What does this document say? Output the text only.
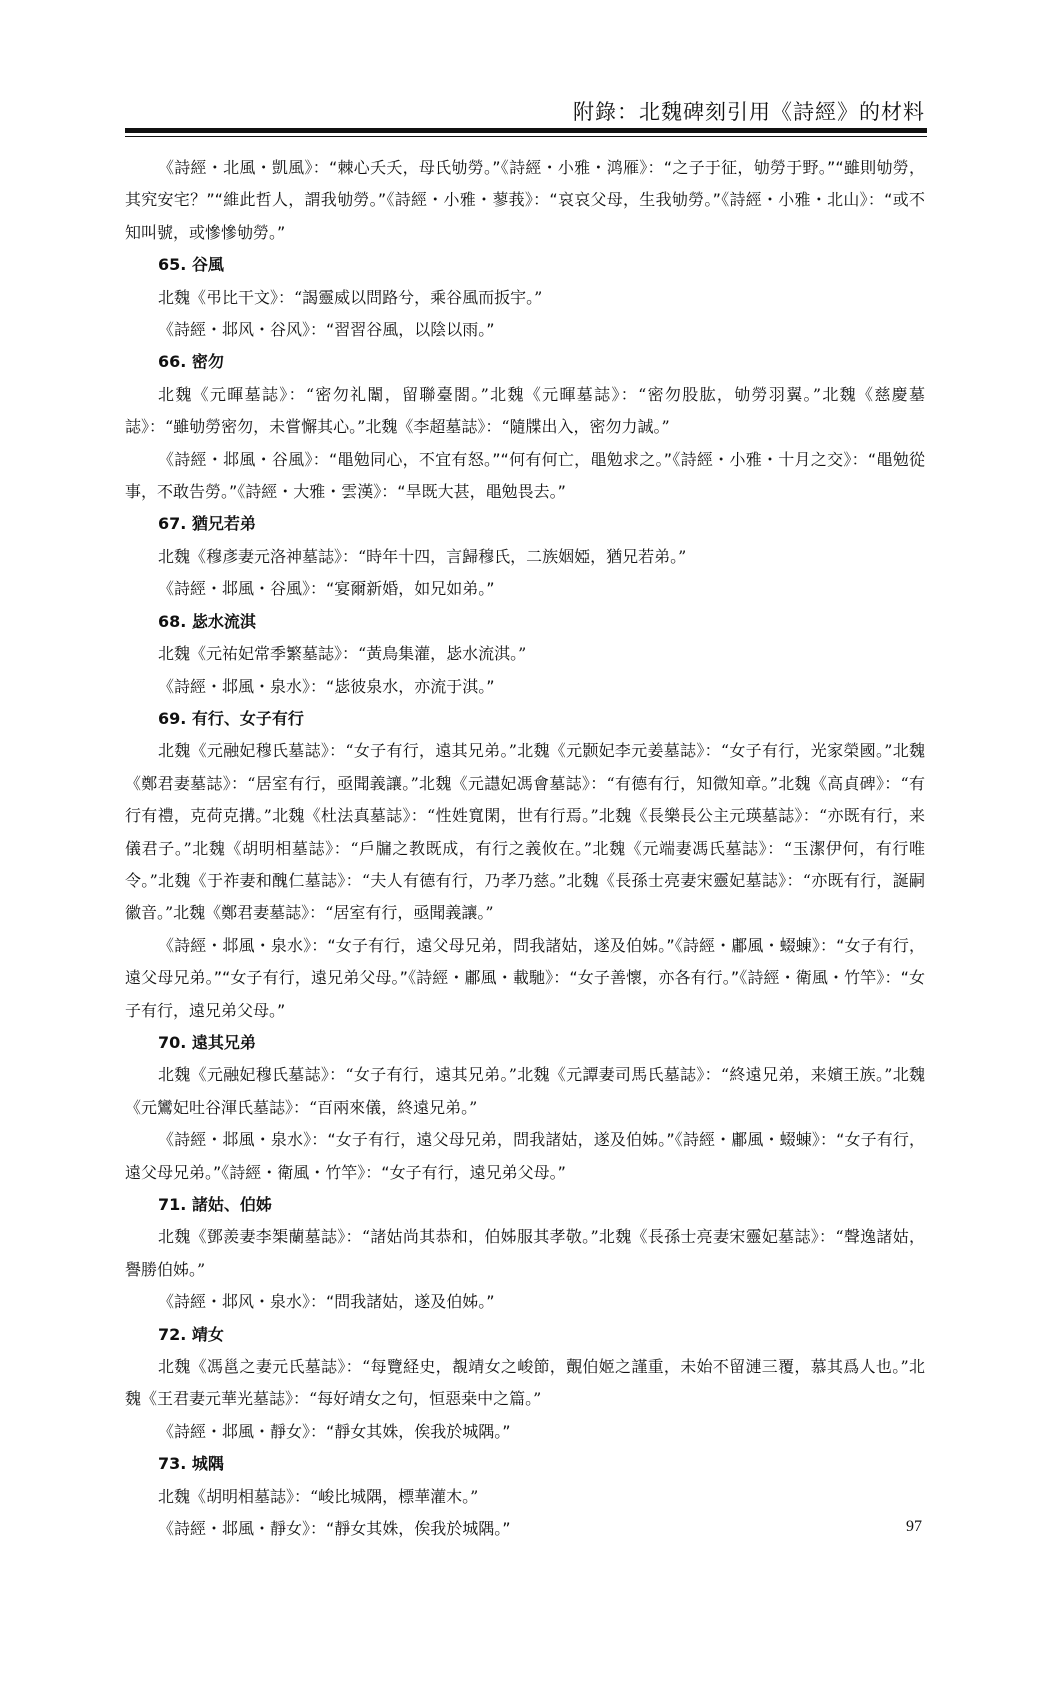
附錄：北魏碑刻引用《詩經》的材料

《詩經・北風・凱風》：“棘心夭夭，母氏劬勞。”《詩經・小雅・鸿雁》：“之子于征，劬勞于野。”“雖則劬勞，其究安宅？”“維此哲人，謂我劬勞。”《詩經・小雅・蓼莪》：“哀哀父母，生我劬勞。”《詩經・小雅・北山》：“或不知叫號，或慘慘劬勞。”

65. 谷風

北魏《弔比干文》：“謁靈威以問路兮，乘谷風而扳宇。”

《詩經・邶风・谷风》：“習習谷風，以陰以雨。”

66. 密勿

北魏《元暉墓誌》：“密勿礼闈，留聯臺閤。”北魏《元暉墓誌》：“密勿股肱，劬勞羽翼。”北魏《慈慶墓誌》：“雖劬勞密勿，未嘗懈其心。”北魏《李超墓誌》：“隨牒出入，密勿力誠。”

《詩經・邶風・谷風》：“黽勉同心，不宜有怒。”“何有何亡，黽勉求之。”《詩經・小雅・十月之交》：“黽勉從事，不敢告勞。”《詩經・大雅・雲漢》：“旱既大甚，黽勉畏去。”

67. 猶兄若弟

北魏《穆彥妻元洛神墓誌》：“時年十四，言歸穆氏，二族姻婭，猶兄若弟。”

《詩經・邶風・谷風》：“宴爾新婚，如兄如弟。”

68. 毖水流淇

北魏《元祐妃常季繁墓誌》：“黃鳥集灌，毖水流淇。”

《詩經・邶風・泉水》：“毖彼泉水，亦流于淇。”

69. 有行、女子有行

北魏《元融妃穆氏墓誌》：“女子有行，遠其兄弟。”北魏《元颢妃李元姜墓誌》：“女子有行，光家榮國。”北魏《鄭君妻墓誌》：“居室有行，亟聞義讓。”北魏《元譿妃馮會墓誌》：“有德有行，知微知章。”北魏《高貞碑》：“有行有禮，克荷克搆。”北魏《杜法真墓誌》：“性姓寬閑，世有行焉。”北魏《長樂長公主元瑛墓誌》：“亦既有行，来儀君子。”北魏《胡明相墓誌》：“戶牖之教既成，有行之義攸在。”北魏《元端妻馮氏墓誌》：“玉潔伊何，有行唯令。”北魏《于祚妻和醜仁墓誌》：“夫人有德有行，乃孝乃慈。”北魏《長孫士亮妻宋靈妃墓誌》：“亦既有行，誕嗣徽音。”北魏《鄭君妻墓誌》：“居室有行，亟聞義讓。”

《詩經・邶風・泉水》：“女子有行，遠父母兄弟，問我諸姑，遂及伯姊。”《詩經・鄘風・蝃蝀》：“女子有行，遠父母兄弟。”“女子有行，遠兄弟父母。”《詩經・鄘風・載馳》：“女子善懷，亦各有行。”《詩經・衛風・竹竿》：“女子有行，遠兄弟父母。”

70. 遠其兄弟

北魏《元融妃穆氏墓誌》：“女子有行，遠其兄弟。”北魏《元譚妻司馬氏墓誌》：“終遠兄弟，来嬪王族。”北魏《元鸞妃吐谷渾氏墓誌》：“百兩來儀，終遠兄弟。”

《詩經・邶風・泉水》：“女子有行，遠父母兄弟，問我諸姑，遂及伯姊。”《詩經・鄘風・蝃蝀》：“女子有行，遠父母兄弟。”《詩經・衛風・竹竿》：“女子有行，遠兄弟父母。”

71. 諸姑、伯姊

北魏《鄧羨妻李榘蘭墓誌》：“諸姑尚其恭和，伯姊服其孝敬。”北魏《長孫士亮妻宋靈妃墓誌》：“聲逸諸姑，譽勝伯姊。”

《詩經・邶风・泉水》：“問我諸姑，遂及伯姊。”

72. 靖女

北魏《馮邕之妻元氏墓誌》：“每覽経史，覩靖女之峻節，覿伯姬之謹重，未始不留漣三覆，慕其爲人也。”北魏《王君妻元華光墓誌》：“每好靖女之句，恒惡桒中之篇。”

《詩經・邶風・靜女》：“靜女其姝，俟我於城隅。”

73. 城隅

北魏《胡明相墓誌》：“峻比城隅，標華灌木。”

《詩經・邶風・靜女》：“靜女其姝，俟我於城隅。”	97
